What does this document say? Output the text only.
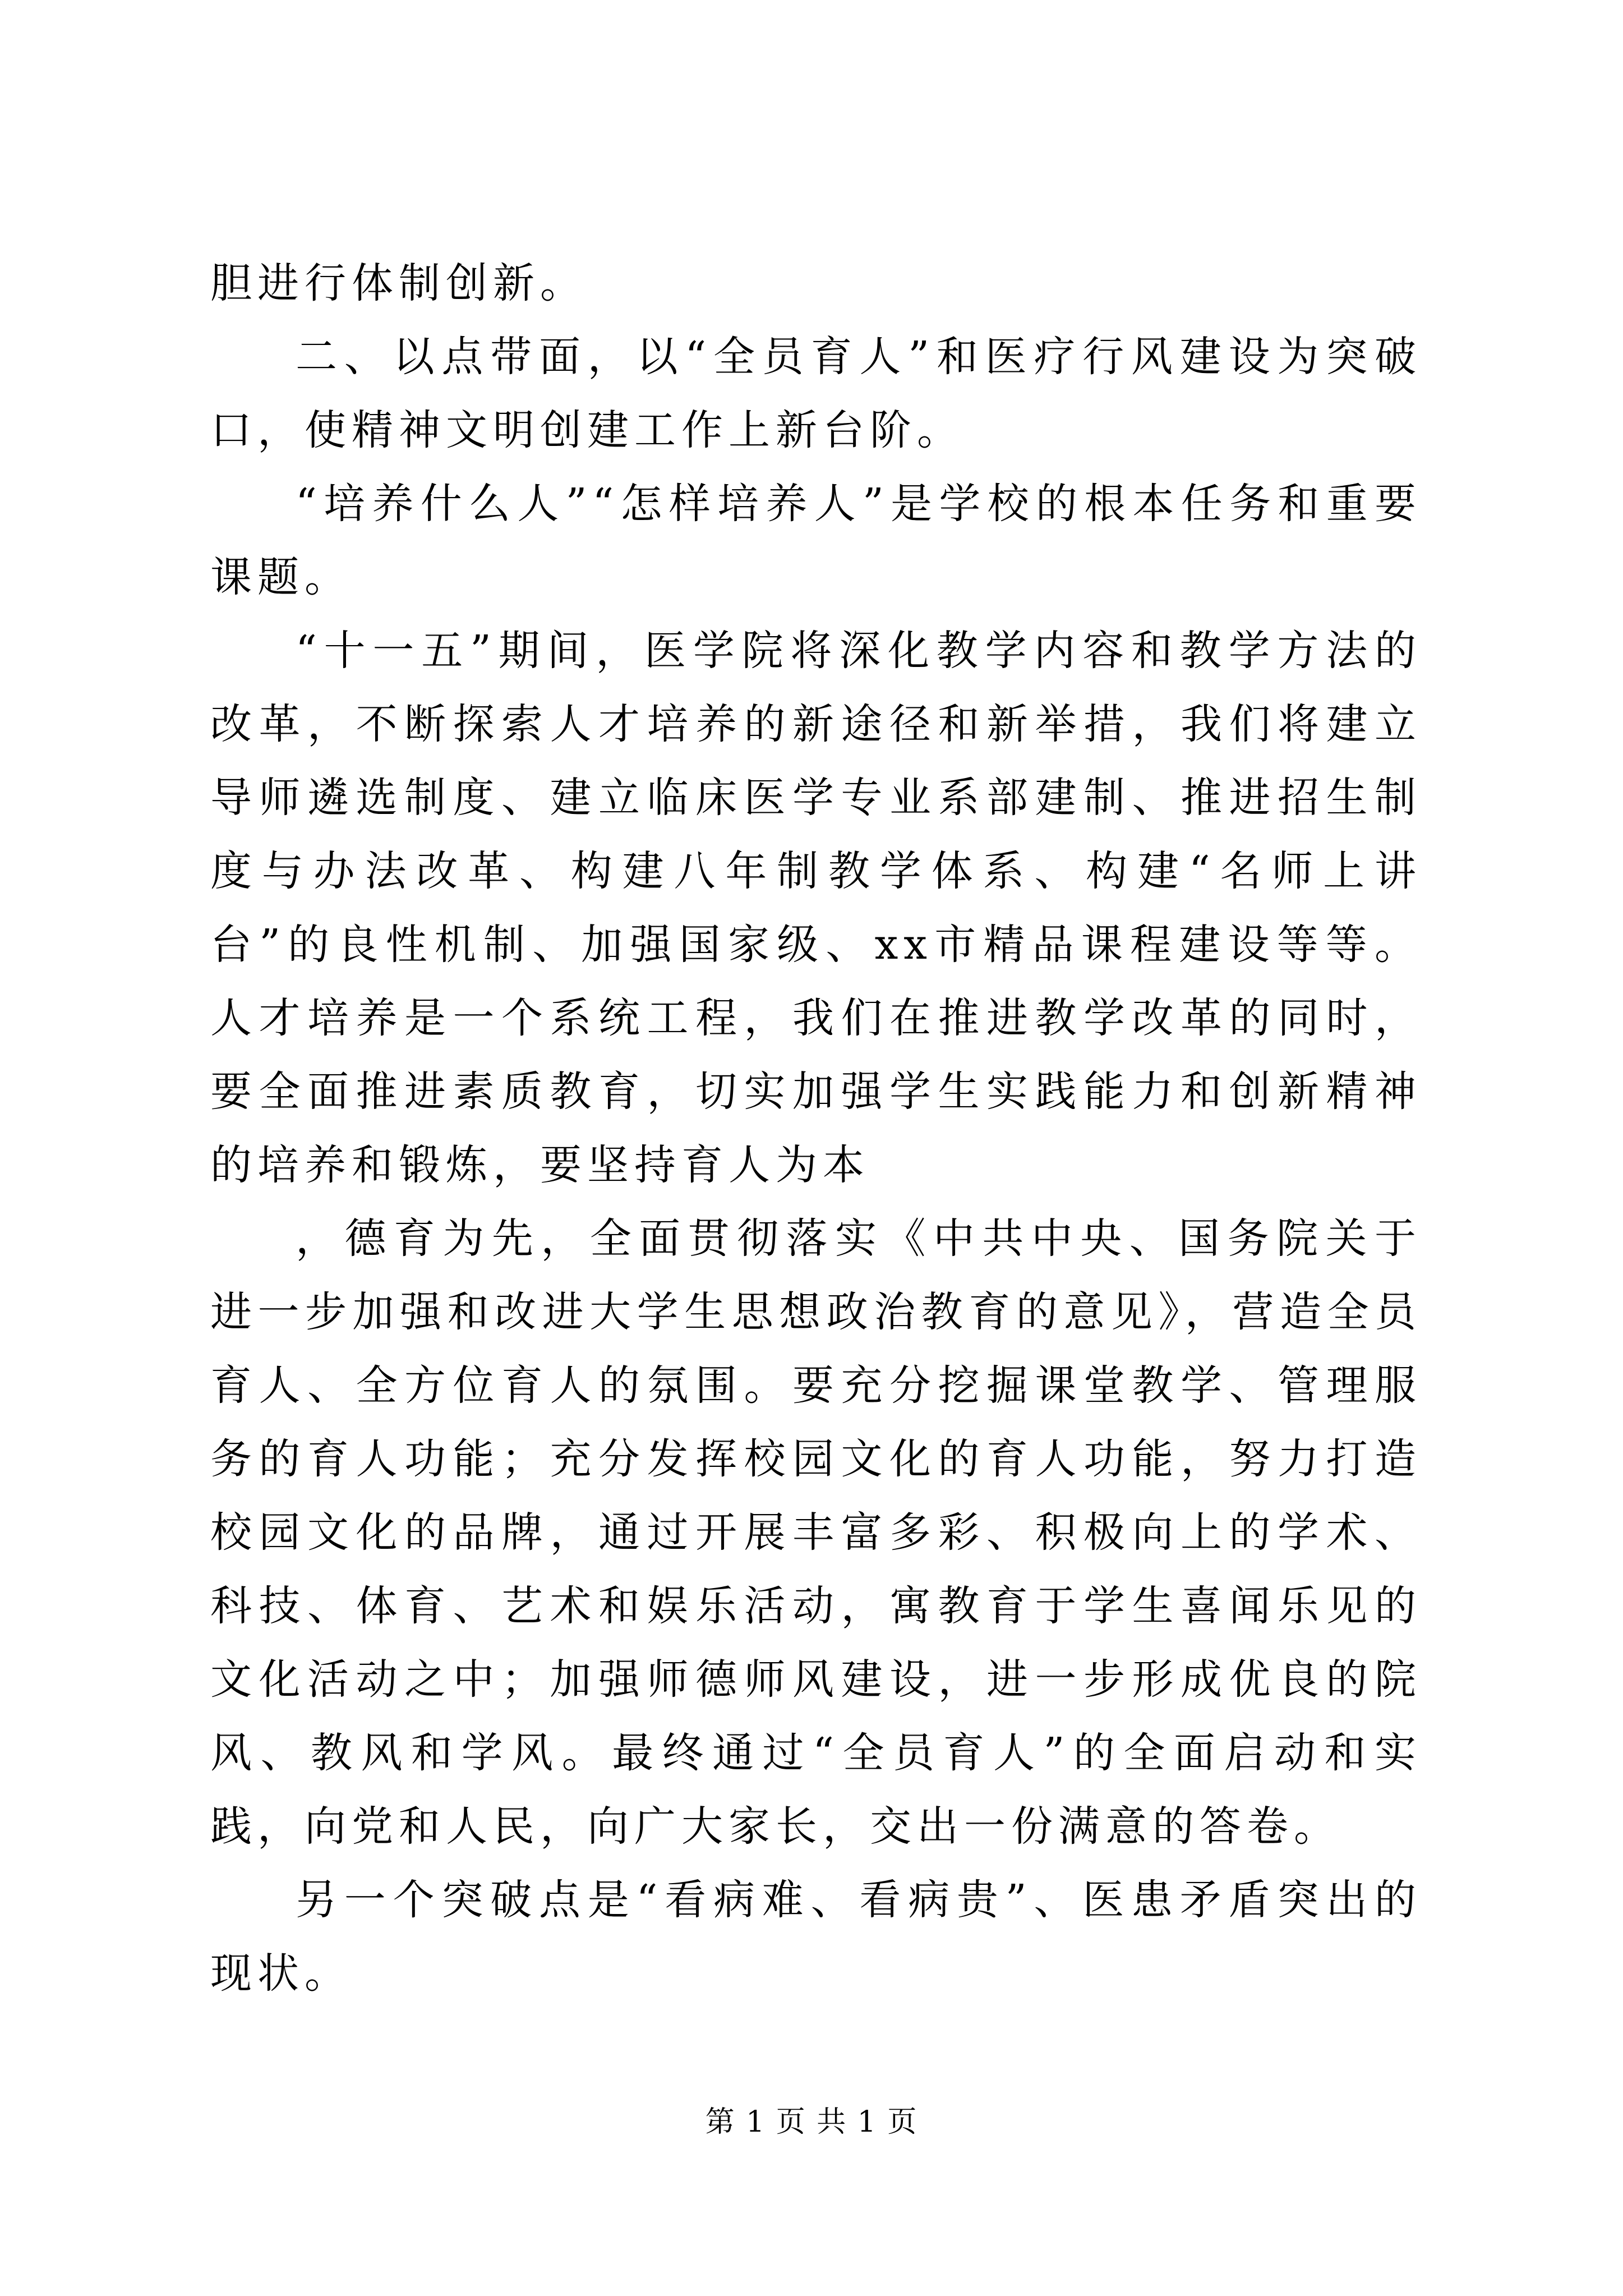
胆进行体制创新。

二、以点带面，以“全员育人”和医疗行风建设为突破口，使精神文明创建工作上新台阶。

“培养什么人”“怎样培养人”是学校的根本任务和重要课题。

“十一五”期间，医学院将深化教学内容和教学方法的改革，不断探索人才培养的新途径和新举措，我们将建立导师遴选制度、建立临床医学专业系部建制、推进招生制度与办法改革、构建八年制教学体系、构建“名师上讲台”的良性机制、加强国家级、xx市精品课程建设等等。人才培养是一个系统工程，我们在推进教学改革的同时，要全面推进素质教育，切实加强学生实践能力和创新精神的培养和锻炼，要坚持育人为本

，德育为先，全面贯彻落实《中共中央、国务院关于进一步加强和改进大学生思想政治教育的意见》，营造全员育人、全方位育人的氛围。要充分挖掘课堂教学、管理服务的育人功能；充分发挥校园文化的育人功能，努力打造校园文化的品牌，通过开展丰富多彩、积极向上的学术、科技、体育、艺术和娱乐活动，寓教育于学生喜闻乐见的文化活动之中；加强师德师风建设，进一步形成优良的院风、教风和学风。最终通过“全员育人”的全面启动和实践，向党和人民，向广大家长，交出一份满意的答卷。

另一个突破点是“看病难、看病贵”、医患矛盾突出的现状。

第 1 页 共 1 页
